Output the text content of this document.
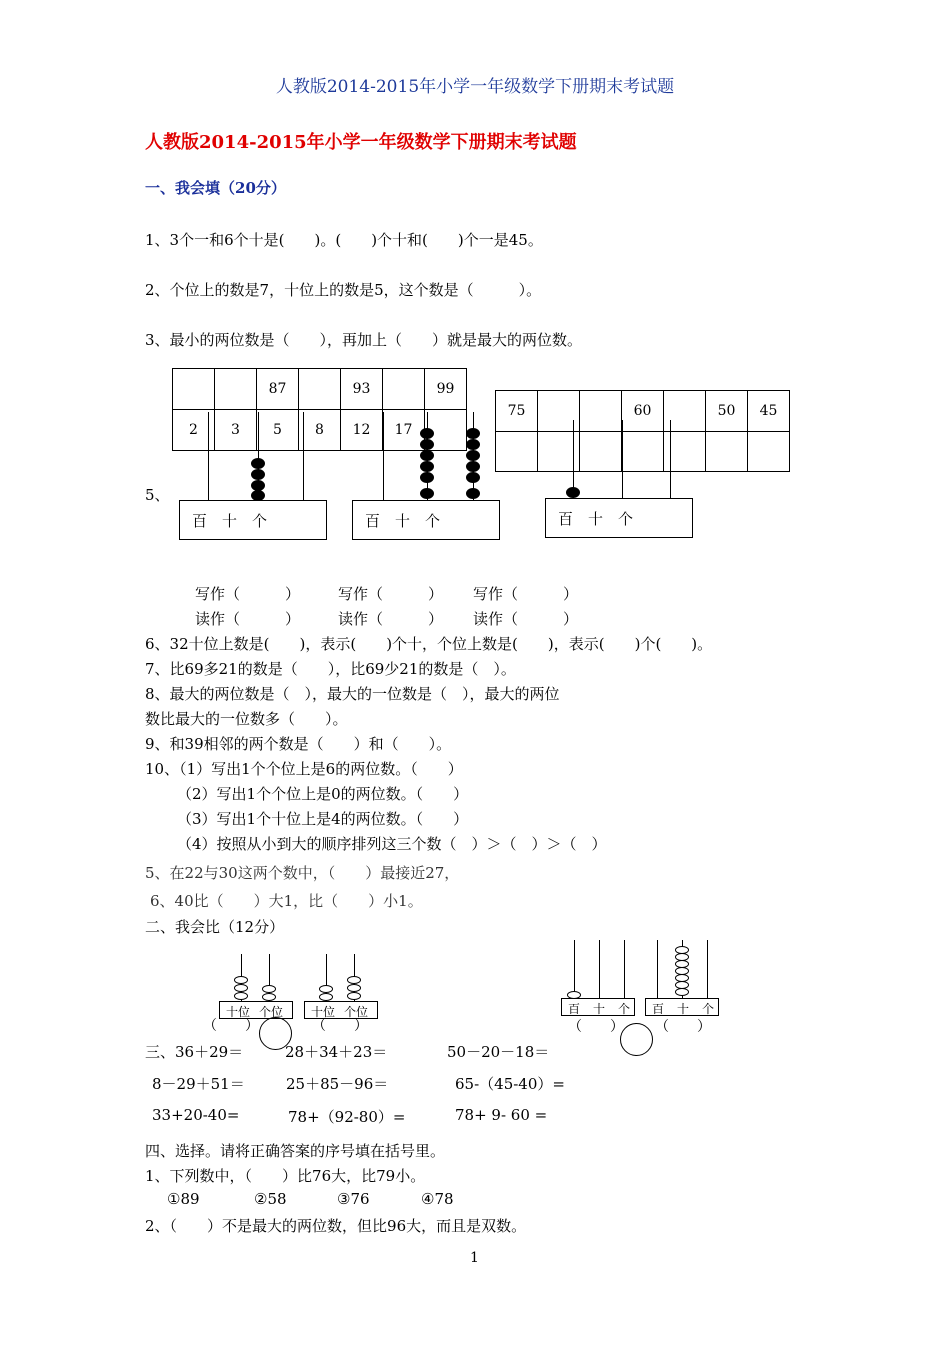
人教版2014-2015年小学一年级数学下册期末考试题
人教版2014-2015年小学一年级数学下册期末考试题
一、我会填（20分）
1、3个一和6个十是(　　)。(　　)个十和(　　)个一是45。
2、个位上的数是7，十位上的数是5，这个数是（　　　）。
3、最小的两位数是（　　），再加上（　　）就是最大的两位数。
		87		93		99
2	3	5	8	12	17	
75			60		50	45

5、
百　十　个	百　十　个	百　十　个
写作（　　　）	写作（　　　） 写作（　　　）
读作（　　　）	读作（　　　） 读作（　　　）
6、32十位上数是(　　)，表示(　　)个十，个位上数是(　　)，表示(　　)个(　　)。
7、比69多21的数是（　　），比69少21的数是（　）。
8、最大的两位数是（　），最大的一位数是（　），最大的两位
数比最大的一位数多（　　）。
9、和39相邻的两个数是（　　）和（　　）。
10、（1）写出1个个位上是6的两位数。（　　）
（2）写出1个个位上是0的两位数。（　　）
（3）写出1个十位上是4的两位数。（　　）
（4）按照从小到大的顺序排列这三个数（　）＞（　）＞（　）
5、在22与30这两个数中，（　　）最接近27，
6、40比（　　）大1，比（　　）小1。
二、我会比（12分）
十位 个位
（　　）
十位 个位
（　　）
百 十 个
（　　）
百 十 个
（　　）
三、36＋29＝	28＋34＋23＝	50－20－18＝
8－29＋51＝	25＋85－96＝	65-（45-40）=
33+20-40=	78+（92-80）=	78+ 9- 60 =
四、选择。请将正确答案的序号填在括号里。
1、下列数中，（　　）比76大，比79小。
①89	②58	③76	④78
2、（　　）不是最大的两位数，但比96大，而且是双数。
1
